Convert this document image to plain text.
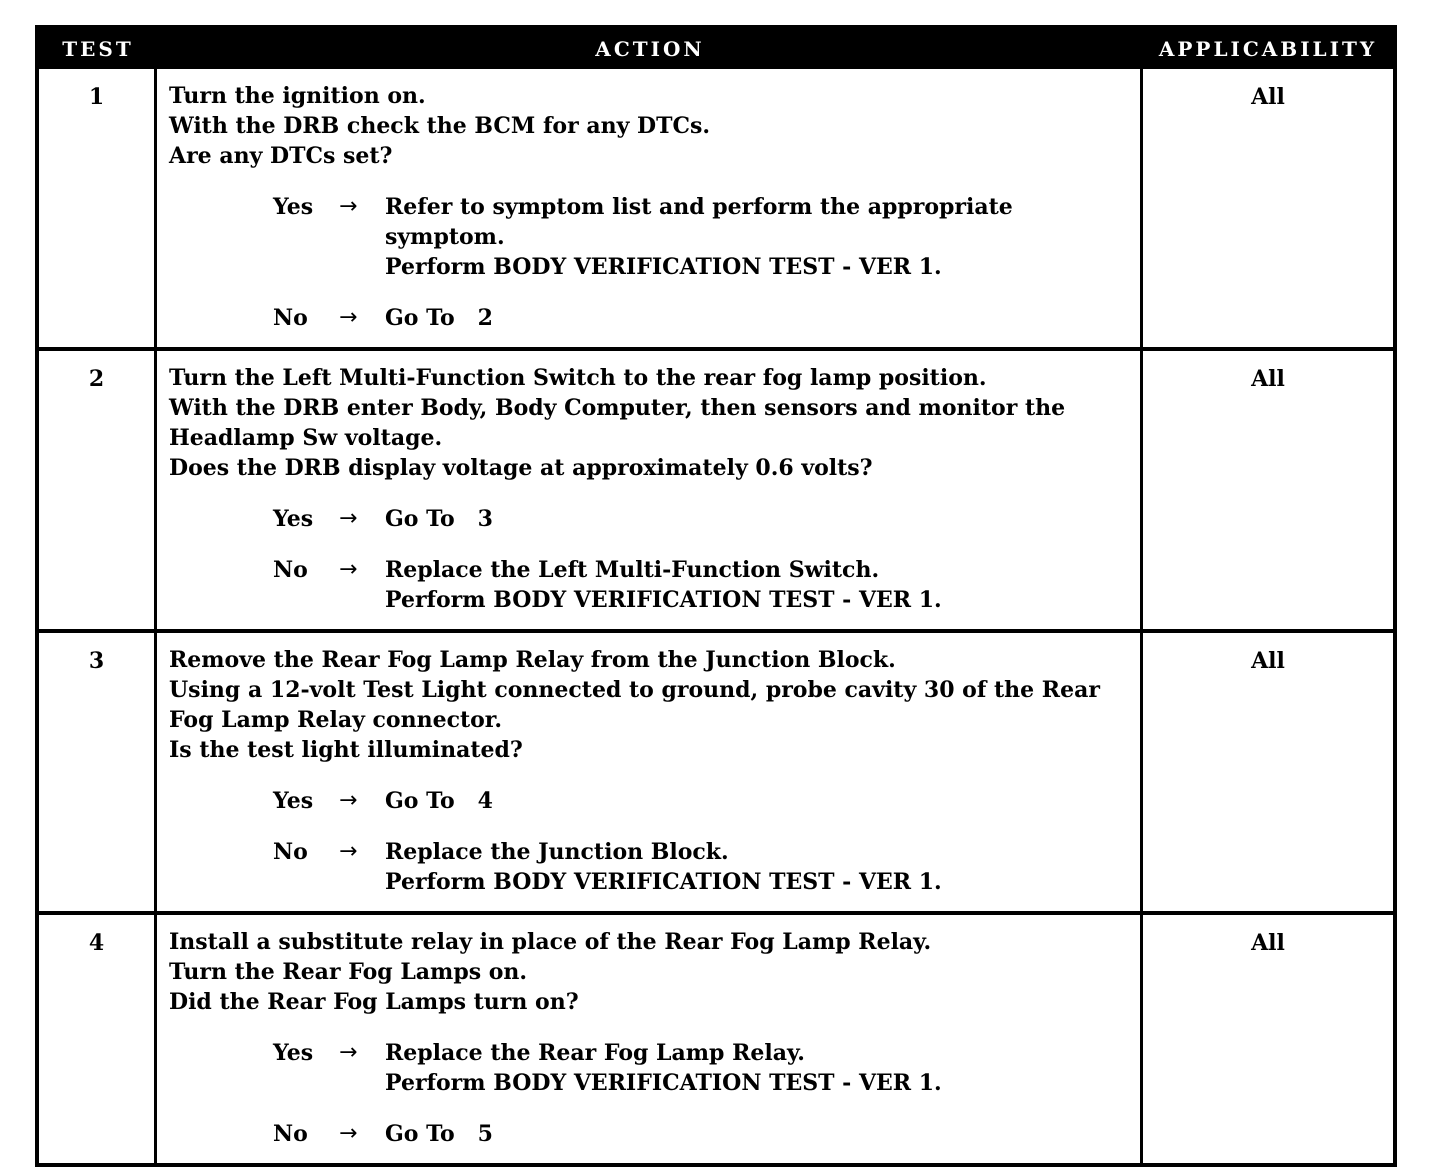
TEST	ACTION	APPLICABILITY
1	Turn the ignition on.
With the DRB check the BCM for any DTCs.
Are any DTCs set?
Yes	→	Refer to symptom list and perform the appropriate symptom.
Perform BODY VERIFICATION TEST - VER 1.
No	→	Go To   2
All
2	Turn the Left Multi-Function Switch to the rear fog lamp position.
With the DRB enter Body, Body Computer, then sensors and monitor the Headlamp Sw voltage.
Does the DRB display voltage at approximately 0.6 volts?
Yes	→	Go To   3
No	→	Replace the Left Multi-Function Switch.
Perform BODY VERIFICATION TEST - VER 1.
All
3	Remove the Rear Fog Lamp Relay from the Junction Block.
Using a 12-volt Test Light connected to ground, probe cavity 30 of the Rear Fog Lamp Relay connector.
Is the test light illuminated?
Yes	→	Go To   4
No	→	Replace the Junction Block.
Perform BODY VERIFICATION TEST - VER 1.
All
4	Install a substitute relay in place of the Rear Fog Lamp Relay.
Turn the Rear Fog Lamps on.
Did the Rear Fog Lamps turn on?
Yes	→	Replace the Rear Fog Lamp Relay.
Perform BODY VERIFICATION TEST - VER 1.
No	→	Go To   5
All
